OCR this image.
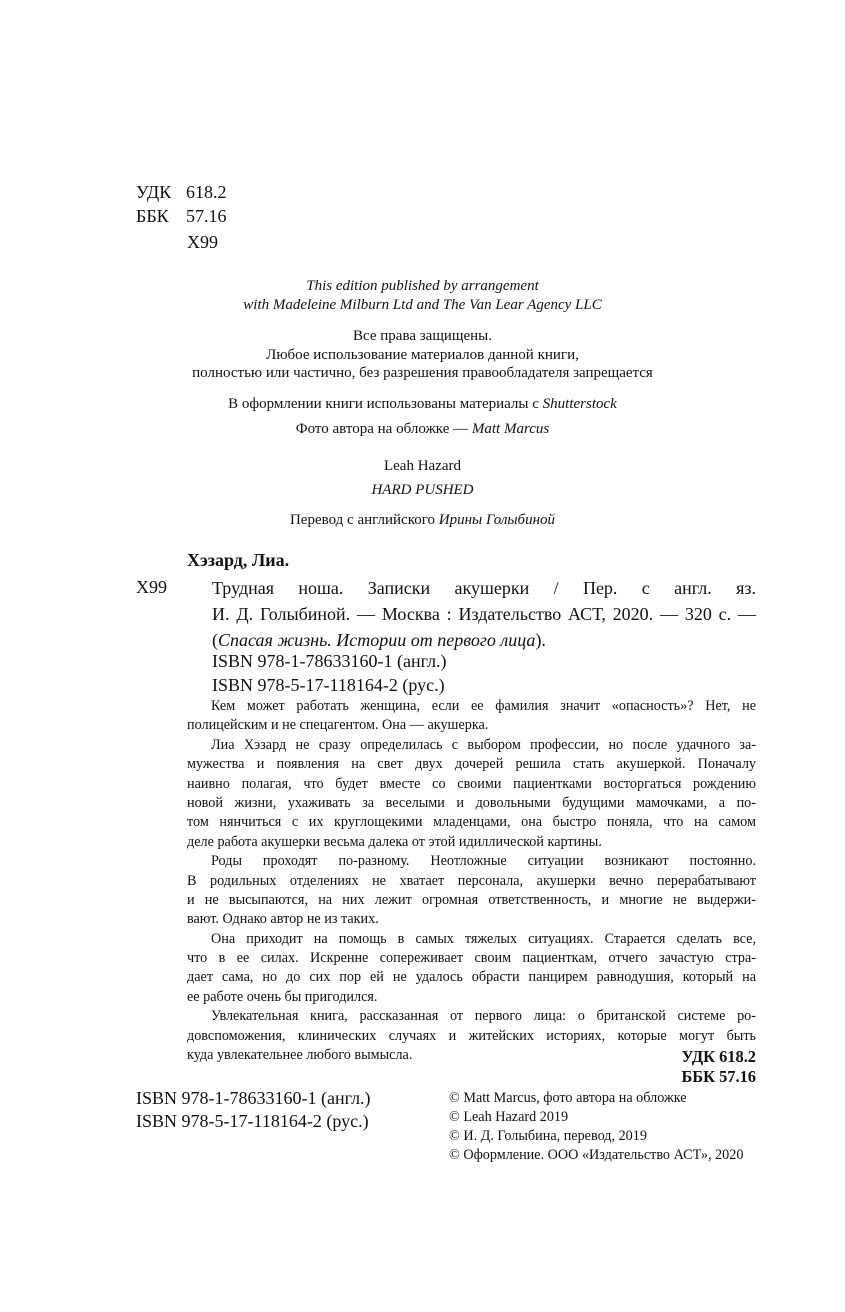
УДК 618.2
ББК 57.16
Х99
This edition published by arrangement
with Madeleine Milburn Ltd and The Van Lear Agency LLC
Все права защищены.
Любое использование материалов данной книги,
полностью или частично, без разрешения правообладателя запрещается
В оформлении книги использованы материалы с Shutterstock
Фото автора на обложке — Matt Marcus
Leah Hazard
HARD PUSHED
Перевод с английского Ирины Голыбиной
Хэзард, Лиа.
Х99	Трудная ноша. Записки акушерки / Пер. с англ. яз.
И. Д. Голыбиной. — Москва : Издательство АСТ, 2020. — 320 с. —
(Спасая жизнь. Истории от первого лица).
ISBN 978-1-78633160-1 (англ.)
ISBN 978-5-17-118164-2 (рус.)
Кем может работать женщина, если ее фамилия значит «опасность»? Нет, не
полицейским и не спецагентом. Она — акушерка.
Лиа Хэзард не сразу определилась с выбором профессии, но после удачного за-
мужества и появления на свет двух дочерей решила стать акушеркой. Поначалу
наивно полагая, что будет вместе со своими пациентками восторгаться рождению
новой жизни, ухаживать за веселыми и довольными будущими мамочками, а по-
том нянчиться с их круглощекими младенцами, она быстро поняла, что на самом
деле работа акушерки весьма далека от этой идиллической картины.
Роды проходят по-разному. Неотложные ситуации возникают постоянно.
В родильных отделениях не хватает персонала, акушерки вечно перерабатывают
и не высыпаются, на них лежит огромная ответственность, и многие не выдержи-
вают. Однако автор не из таких.
Она приходит на помощь в самых тяжелых ситуациях. Старается сделать все,
что в ее силах. Искренне сопереживает своим пациенткам, отчего зачастую стра-
дает сама, но до сих пор ей не удалось обрасти панцирем равнодушия, который на
ее работе очень бы пригодился.
Увлекательная книга, рассказанная от первого лица: о британской системе ро-
довспоможения, клинических случаях и житейских историях, которые могут быть
куда увлекательнее любого вымысла.	УДК 618.2
ББК 57.16
ISBN 978-1-78633160-1 (англ.)
ISBN 978-5-17-118164-2 (рус.)
© Matt Marcus, фото автора на обложке
© Leah Hazard 2019
© И. Д. Голыбина, перевод, 2019
© Оформление. ООО «Издательство АСТ», 2020
